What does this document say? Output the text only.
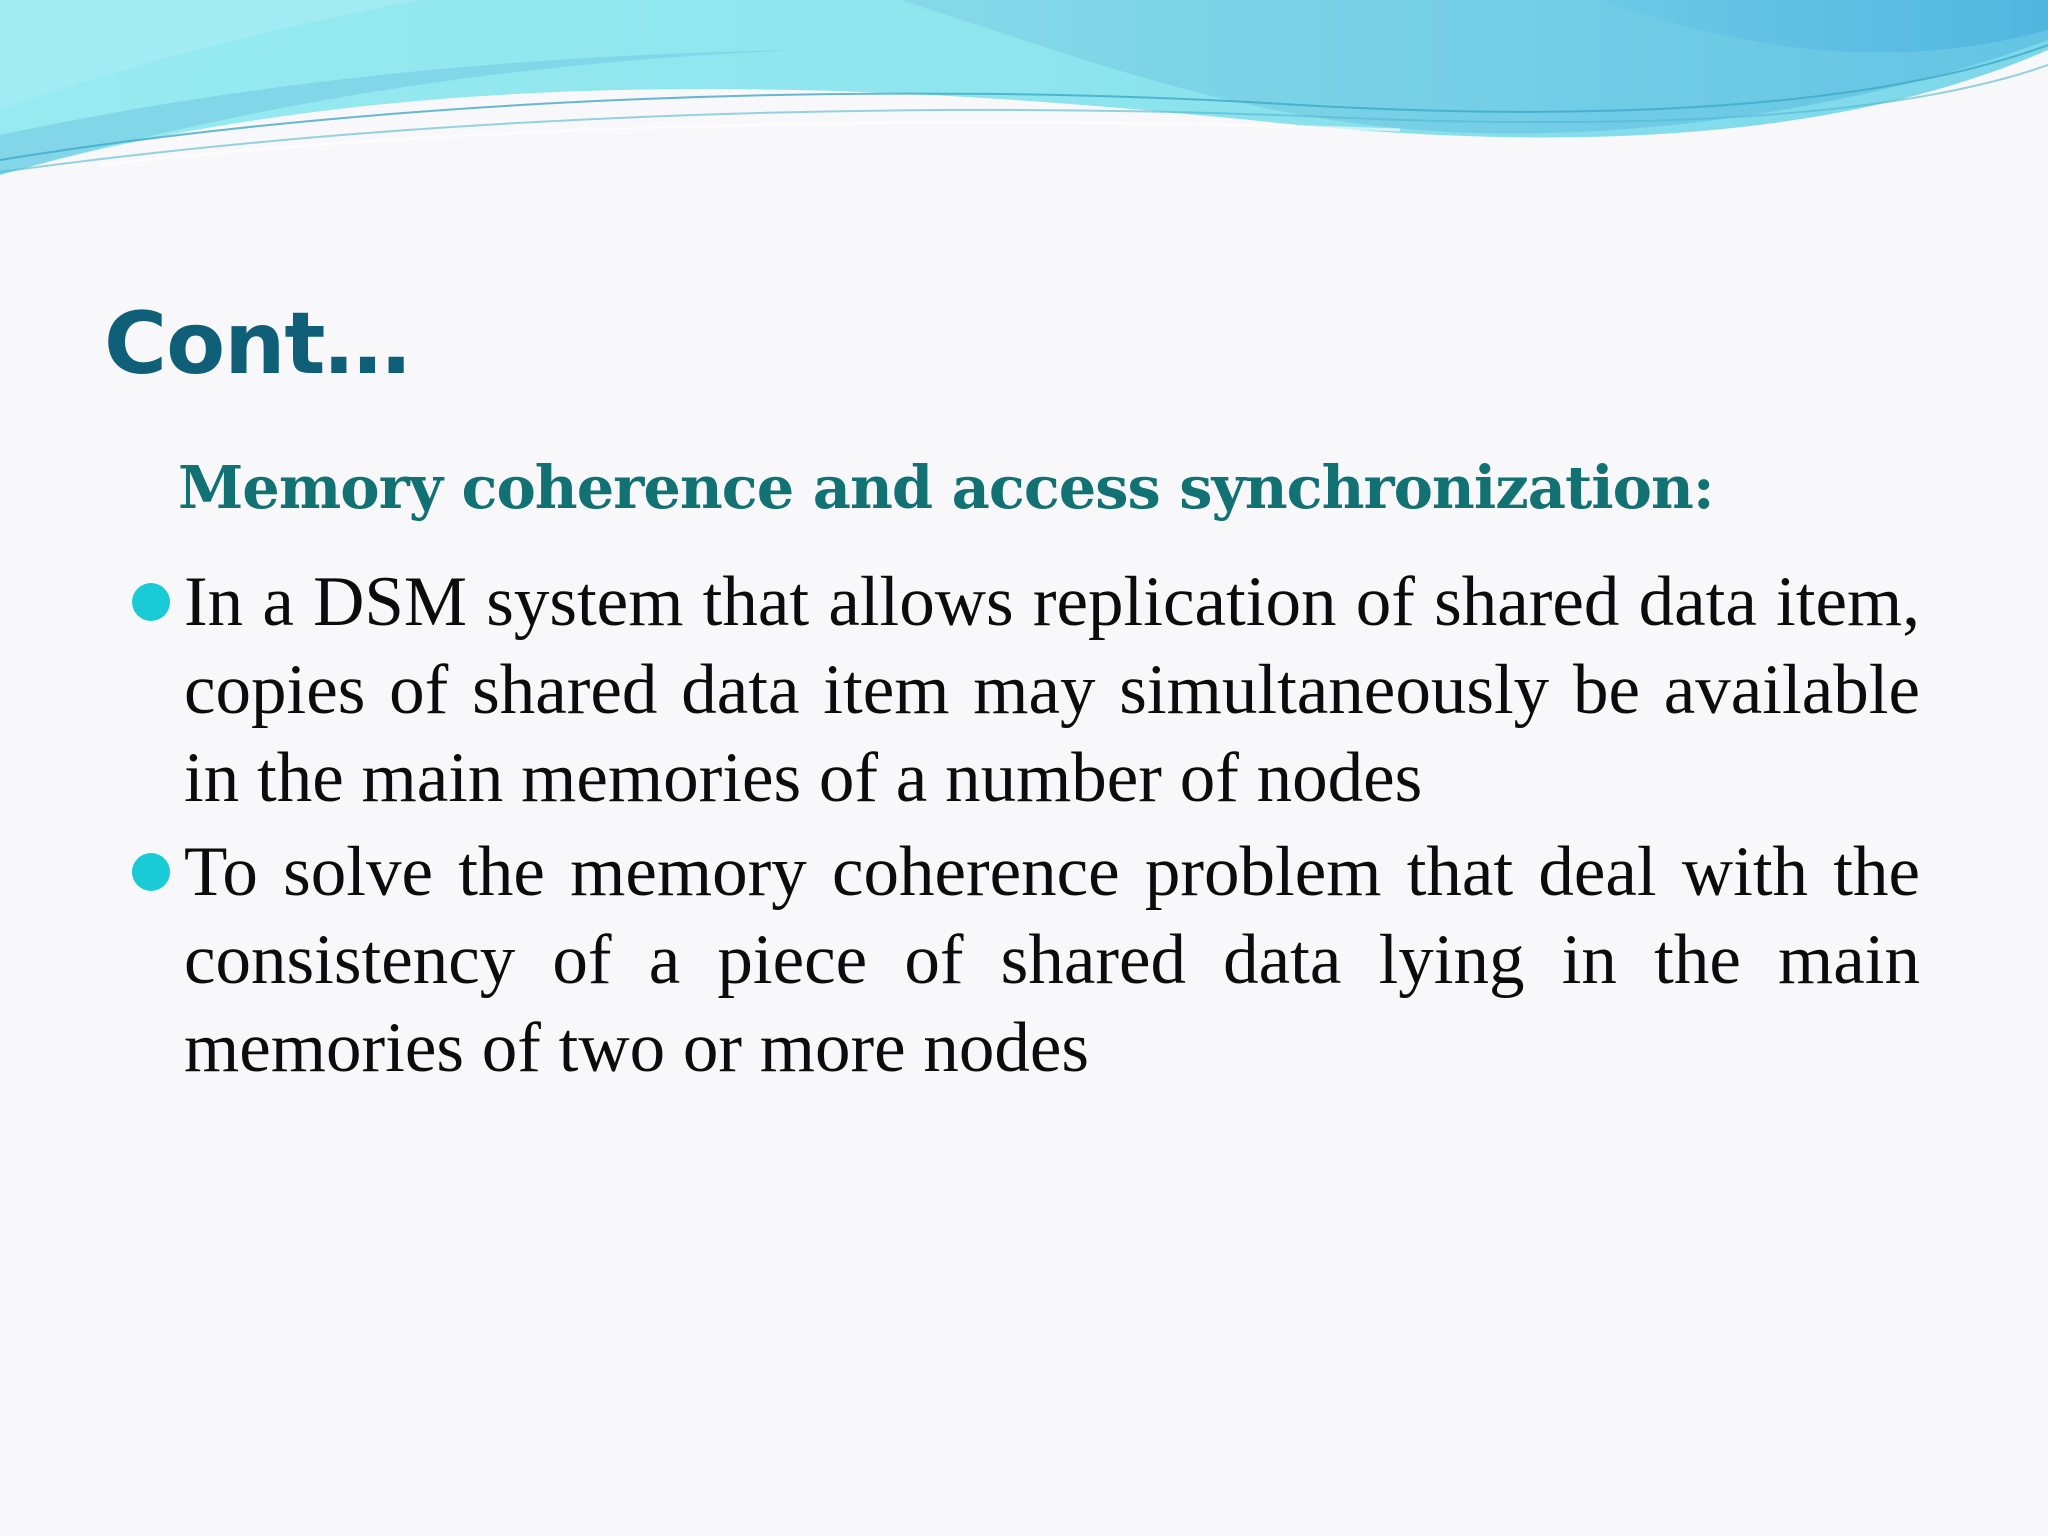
Cont…
Memory coherence and access synchronization:
In a DSM system that allows replication of shared data item, copies of shared data item may simultaneously be available in the main memories of a number of nodes
To solve the memory coherence problem that deal with the consistency of a piece of shared data lying in the main memories of two or more nodes
